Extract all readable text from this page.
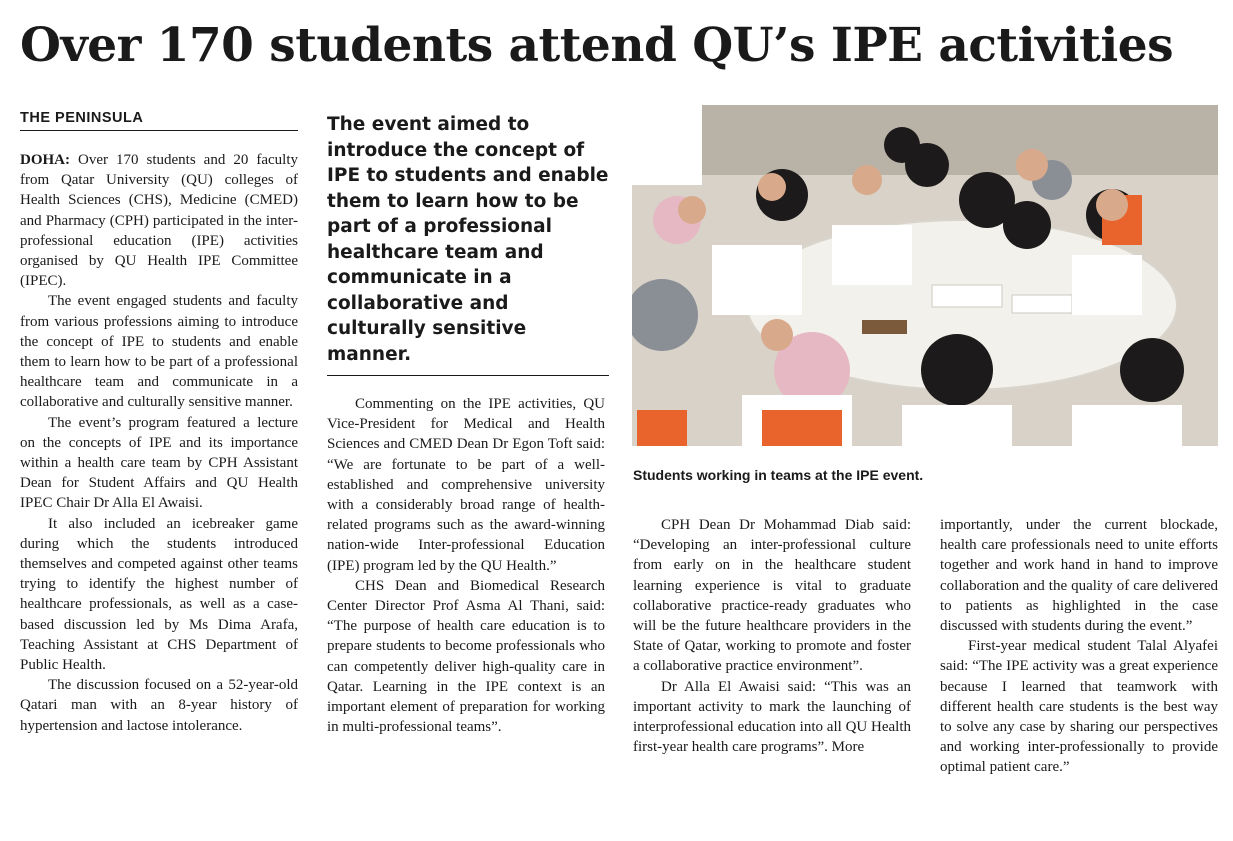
Over 170 students attend QU’s IPE activities
THE PENINSULA

DOHA: Over 170 students and 20 faculty from Qatar University (QU) colleges of Health Sciences (CHS), Medicine (CMED) and Pharmacy (CPH) participated in the inter-professional education (IPE) activities organised by QU Health IPE Committee (IPEC).

The event engaged students and faculty from various professions aiming to introduce the concept of IPE to students and enable them to learn how to be part of a professional healthcare team and communicate in a collaborative and culturally sensitive manner.

The event’s program featured a lecture on the concepts of IPE and its importance within a health care team by CPH Assistant Dean for Student Affairs and QU Health IPEC Chair Dr Alla El Awaisi.

It also included an icebreaker game during which the students introduced themselves and competed against other teams trying to identify the highest number of healthcare professionals, as well as a case-based discussion led by Ms Dima Arafa, Teaching Assistant at CHS Department of Public Health.

The discussion focused on a 52-year-old Qatari man with an 8-year history of hypertension and lactose intolerance.

The event aimed to introduce the concept of IPE to students and enable them to learn how to be part of a professional healthcare team and communicate in a collaborative and culturally sensitive manner.

Commenting on the IPE activities, QU Vice-President for Medical and Health Sciences and CMED Dean Dr Egon Toft said: “We are fortunate to be part of a well-established and comprehensive university with a considerably broad range of health-related programs such as the award-winning nation-wide Inter-professional Education (IPE) program led by the QU Health.”

CHS Dean and Biomedical Research Center Director Prof Asma Al Thani, said: “The purpose of health care education is to prepare students to become professionals who can competently deliver high-quality care in Qatar. Learning in the IPE context is an important element of preparation for working in multi-professional teams”.

Students working in teams at the IPE event.

CPH Dean Dr Mohammad Diab said: “Developing an inter-professional culture from early on in the healthcare student learning experience is vital to graduate collaborative practice-ready graduates who will be the future healthcare providers in the State of Qatar, working to promote and foster a collaborative practice environment”.

Dr Alla El Awaisi said: “This was an important activity to mark the launching of interprofessional education into all QU Health first-year health care programs”. More

importantly, under the current blockade, health care professionals need to unite efforts together and work hand in hand to improve collaboration and the quality of care delivered to patients as highlighted in the case discussed with students during the event.”

First-year medical student Talal Alyafei said: “The IPE activity was a great experience because I learned that teamwork with different health care students is the best way to solve any case by sharing our perspectives and working inter-professionally to provide optimal patient care.”
